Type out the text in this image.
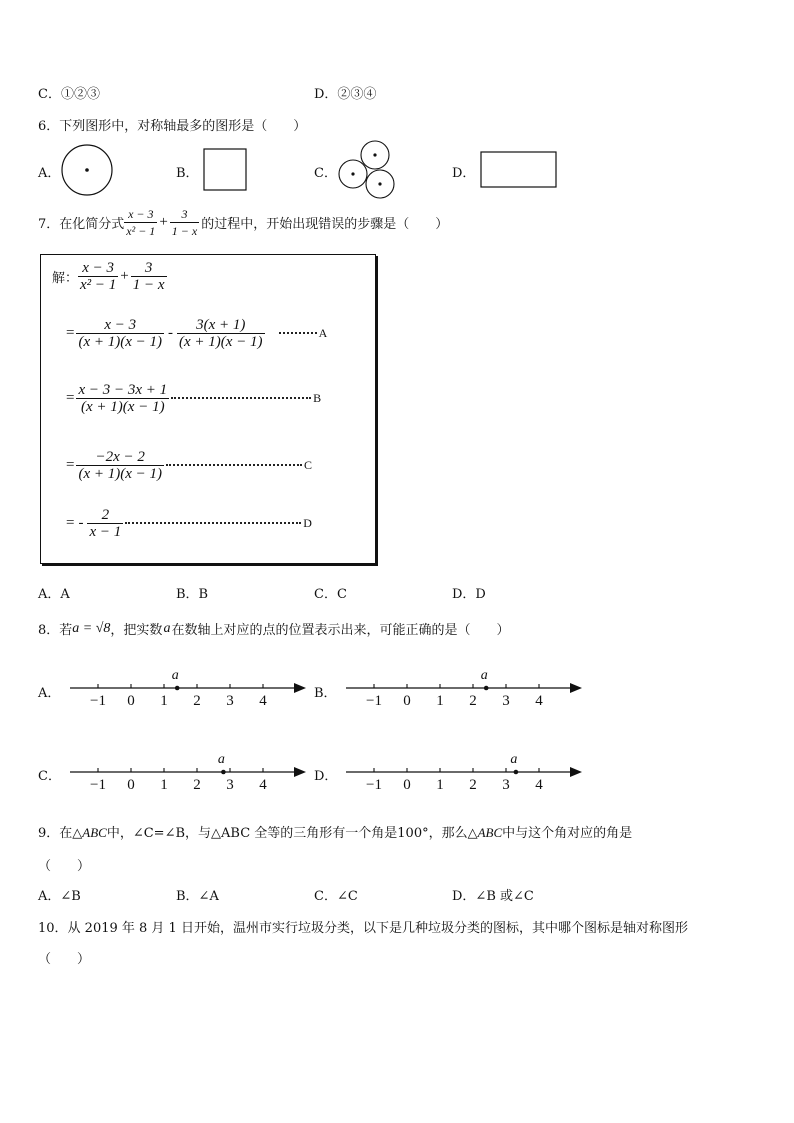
C．①②③	D．②③④
6．下列图形中，对称轴最多的图形是（　　）
A．	B．	C．	D．
7．在化简分式 $\frac{x - 3}{\text{x² − 1}} + \frac{3}{1 - x}$ 的过程中，开始出现错误的步骤是（　　）
解： $\frac{x - 3}{\text{x² − 1}} + \frac{3}{1 - x}$
= $\frac{x - 3}{(x + 1)(x - 1)} - \frac{3(x + 1)}{(x + 1)(x - 1)}$	A
= $\frac{x - 3 - 3x + 1}{(x + 1)(x - 1)}$	B
= $\frac{-2x - 2}{(x + 1)(x - 1)}$	C
= - $\frac{2}{x - 1}$	D
A．A	B．B	C．C	D．D
8．若 a = √8 ，把实数 a 在数轴上对应的点的位置表示出来，可能正确的是（　　）
A． −1 0 1 2 3 4
a
B． −1 0 1 2 3 4
a
C．
−1 0 1 2 3 4
a
D．
−1 0 1 2 3 4
a
9．在△ABC中，∠C=∠B，与△ABC 全等的三角形有一个角是100°，那么△ABC中与这个角对应的角是
（　　）
A．∠B	B．∠A	C．∠C	D．∠B 或∠C
10．从 2019 年 8 月 1 日开始，温州市实行垃圾分类，以下是几种垃圾分类的图标，其中哪个图标是轴对称图形
（　　）
